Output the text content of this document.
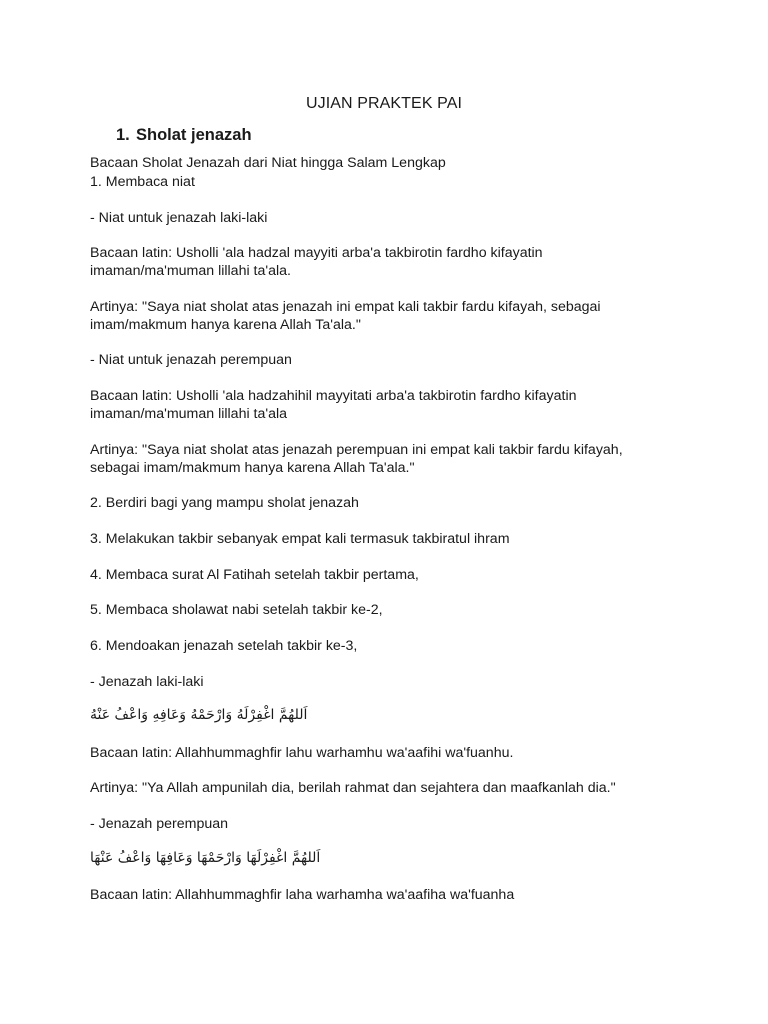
UJIAN PRAKTEK PAI
1. Sholat jenazah
Bacaan Sholat Jenazah dari Niat hingga Salam Lengkap
1. Membaca niat
- Niat untuk jenazah laki-laki
Bacaan latin: Usholli 'ala hadzal mayyiti arba'a takbirotin fardho kifayatin
imaman/ma'muman lillahi ta'ala.
Artinya: "Saya niat sholat atas jenazah ini empat kali takbir fardu kifayah, sebagai
imam/makmum hanya karena Allah Ta'ala."
- Niat untuk jenazah perempuan
Bacaan latin: Usholli 'ala hadzahihil mayyitati arba'a takbirotin fardho kifayatin
imaman/ma'muman lillahi ta'ala
Artinya: "Saya niat sholat atas jenazah perempuan ini empat kali takbir fardu kifayah,
sebagai imam/makmum hanya karena Allah Ta'ala."
2. Berdiri bagi yang mampu sholat jenazah
3. Melakukan takbir sebanyak empat kali termasuk takbiratul ihram
4. Membaca surat Al Fatihah setelah takbir pertama,
5. Membaca sholawat nabi setelah takbir ke-2,
6. Mendoakan jenazah setelah takbir ke-3,
- Jenazah laki-laki
اَللهُمَّ اغْفِرْلَهُ وَارْحَمْهُ وَعَافِهِ وَاعْفُ عَنْهُ
Bacaan latin: Allahhummaghfir lahu warhamhu wa'aafihi wa'fuanhu.
Artinya: "Ya Allah ampunilah dia, berilah rahmat dan sejahtera dan maafkanlah dia."
- Jenazah perempuan
اَللهُمَّ اغْفِرْلَهَا وَارْحَمْهَا وَعَافِهَا وَاعْفُ عَنْهَا
Bacaan latin: Allahhummaghfir laha warhamha wa'aafiha wa'fuanha
